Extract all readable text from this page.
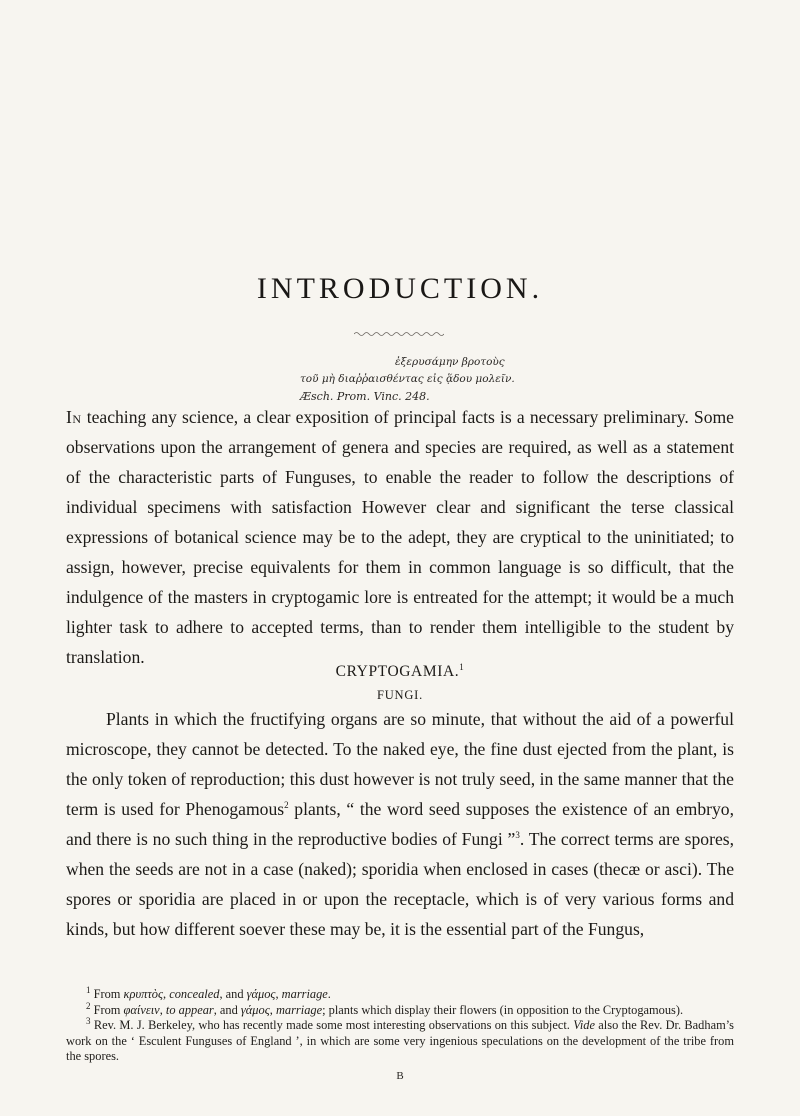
INTRODUCTION.
ἐξερυσάμην βροτοὺς
τοῦ μὴ διαῤῥαισθέντας εἰς ᾅδου μολεῖν.
Æsch. Prom. Vinc. 248.
In teaching any science, a clear exposition of principal facts is a necessary preliminary. Some observations upon the arrangement of genera and species are required, as well as a statement of the characteristic parts of Funguses, to enable the reader to follow the descriptions of individual specimens with satisfaction However clear and significant the terse classical expressions of botanical science may be to the adept, they are cryptical to the uninitiated; to assign, however, precise equivalents for them in common language is so difficult, that the indulgence of the masters in cryptogamic lore is entreated for the attempt; it would be a much lighter task to adhere to accepted terms, than to render them intelligible to the student by translation.
CRYPTOGAMIA.$^1$
FUNGI.
Plants in which the fructifying organs are so minute, that without the aid of a powerful microscope, they cannot be detected. To the naked eye, the fine dust ejected from the plant, is the only token of reproduction; this dust however is not truly seed, in the same manner that the term is used for Phenogamous$^2$ plants, “ the word seed supposes the existence of an embryo, and there is no such thing in the reproductive bodies of Fungi ”$^3$. The correct terms are spores, when the seeds are not in a case (naked); sporidia when enclosed in cases (thecæ or asci). The spores or sporidia are placed in or upon the receptacle, which is of very various forms and kinds, but how different soever these may be, it is the essential part of the Fungus,

$^1$ From κρυπτὸς, concealed, and γάμος, marriage.

$^2$ From φαίνειν, to appear, and γάμος, marriage; plants which display their flowers (in opposition to the Cryptogamous).

$^3$ Rev. M. J. Berkeley, who has recently made some most interesting observations on this subject. Vide also the Rev. Dr. Badham’s work on the ‘ Esculent Funguses of England ’, in which are some very ingenious speculations on the development of the tribe from the spores.

B
